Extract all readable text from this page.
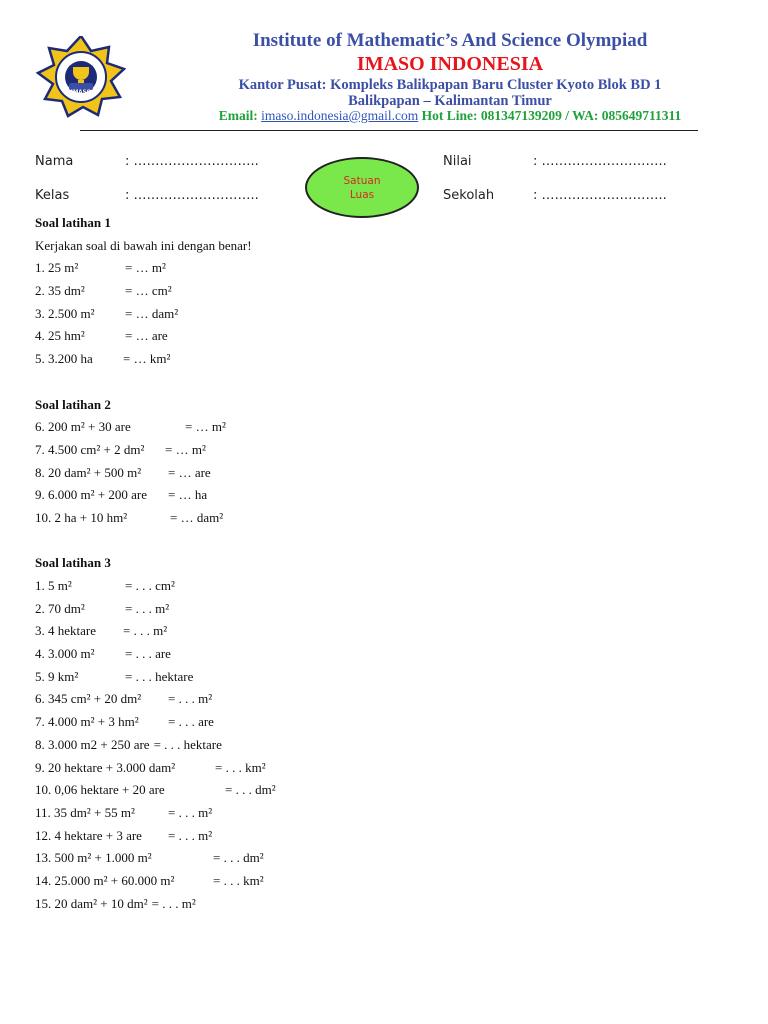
IMASO
Institute of Mathematic’s And Science Olympiad
IMASO INDONESIA
Kantor Pusat: Kompleks Balikpapan Baru Cluster Kyoto Blok BD 1
Balikpapan – Kalimantan Timur
Email: imaso.indonesia@gmail.com Hot Line: 081347139209 / WA: 085649711311
Nama	: ………………………..
Kelas	: ………………………..
Nilai	: ………………………..
Sekolah	: ………………………..
Satuan
Luas
Soal latihan 1
Kerjakan soal di bawah ini dengan benar!
1. 25 m²	= … m²
2. 35 dm²	= … cm²
3. 2.500 m² = … dam²
4. 25 hm²	= … are
5. 3.200 ha = … km²
Soal latihan 2
6. 200 m² + 30 are	= … m²
7. 4.500 cm² + 2 dm² = … m²
8. 20 dam² + 500 m² = … are
9. 6.000 m² + 200 are = … ha
10. 2 ha + 10 hm²	= … dam²
Soal latihan 3
1. 5 m²	= . . . cm²
2. 70 dm²	= . . . m²
3. 4 hektare = . . . m²
4. 3.000 m² = . . . are
5. 9 km²	= . . . hektare
6. 345 cm² + 20 dm² = . . . m²
7. 4.000 m² + 3 hm² = . . . are
8. 3.000 m2 + 250 are = . . . hektare
9. 20 hektare + 3.000 dam²	= . . . km²
10. 0,06 hektare + 20 are	= . . . dm²
11. 35 dm² + 55 m²	= . . . m²
12. 4 hektare + 3 are = . . . m²
13. 500 m² + 1.000 m²	= . . . dm²
14. 25.000 m² + 60.000 m²	= . . . km²
15. 20 dam² + 10 dm² = . . . m²
